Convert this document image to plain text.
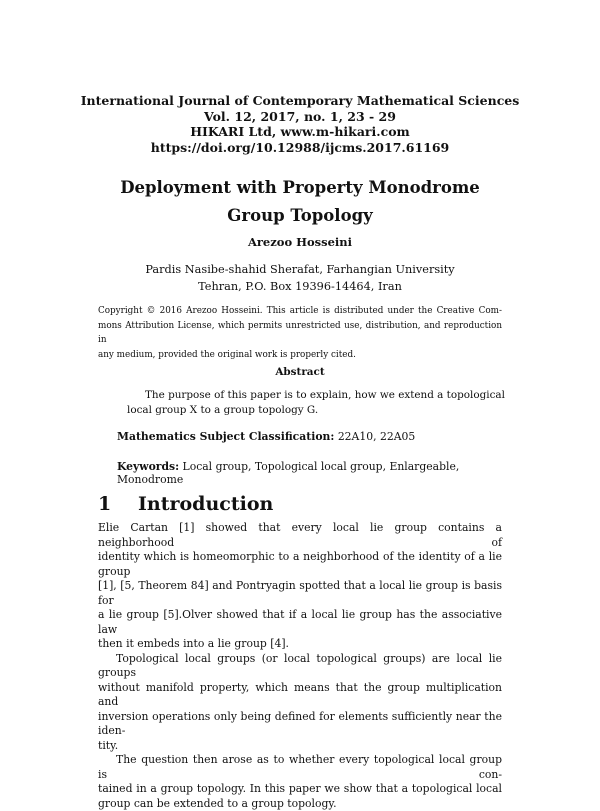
International Journal of Contemporary Mathematical Sciences
Vol. 12, 2017, no. 1, 23 - 29
HIKARI Ltd, www.m-hikari.com
https://doi.org/10.12988/ijcms.2017.61169
Deployment with Property Monodrome
Group Topology
Arezoo Hosseini
Pardis Nasibe-shahid Sherafat, Farhangian University
Tehran, P.O. Box 19396-14464, Iran
Copyright © 2016 Arezoo Hosseini. This article is distributed under the Creative Com-
mons Attribution License, which permits unrestricted use, distribution, and reproduction in
any medium, provided the original work is properly cited.
Abstract
The purpose of this paper is to explain, how we extend a topological
local group X to a group topology G.
Mathematics Subject Classification: 22A10, 22A05
Keywords: Local group, Topological local group, Enlargeable, Monodrome
1 Introduction

Elie Cartan [1] showed that every local lie group contains a neighborhood of
identity which is homeomorphic to a neighborhood of the identity of a lie group
[1], [5, Theorem 84] and Pontryagin spotted that a local lie group is basis for
a lie group [5].Olver showed that if a local lie group has the associative law
then it embeds into a lie group [4].

Topological local groups (or local topological groups) are local lie groups
without manifold property, which means that the group multiplication and
inversion operations only being defined for elements sufficiently near the iden-
tity.

The question then arose as to whether every topological local group is con-
tained in a group topology. In this paper we show that a topological local
group can be extended to a group topology.
